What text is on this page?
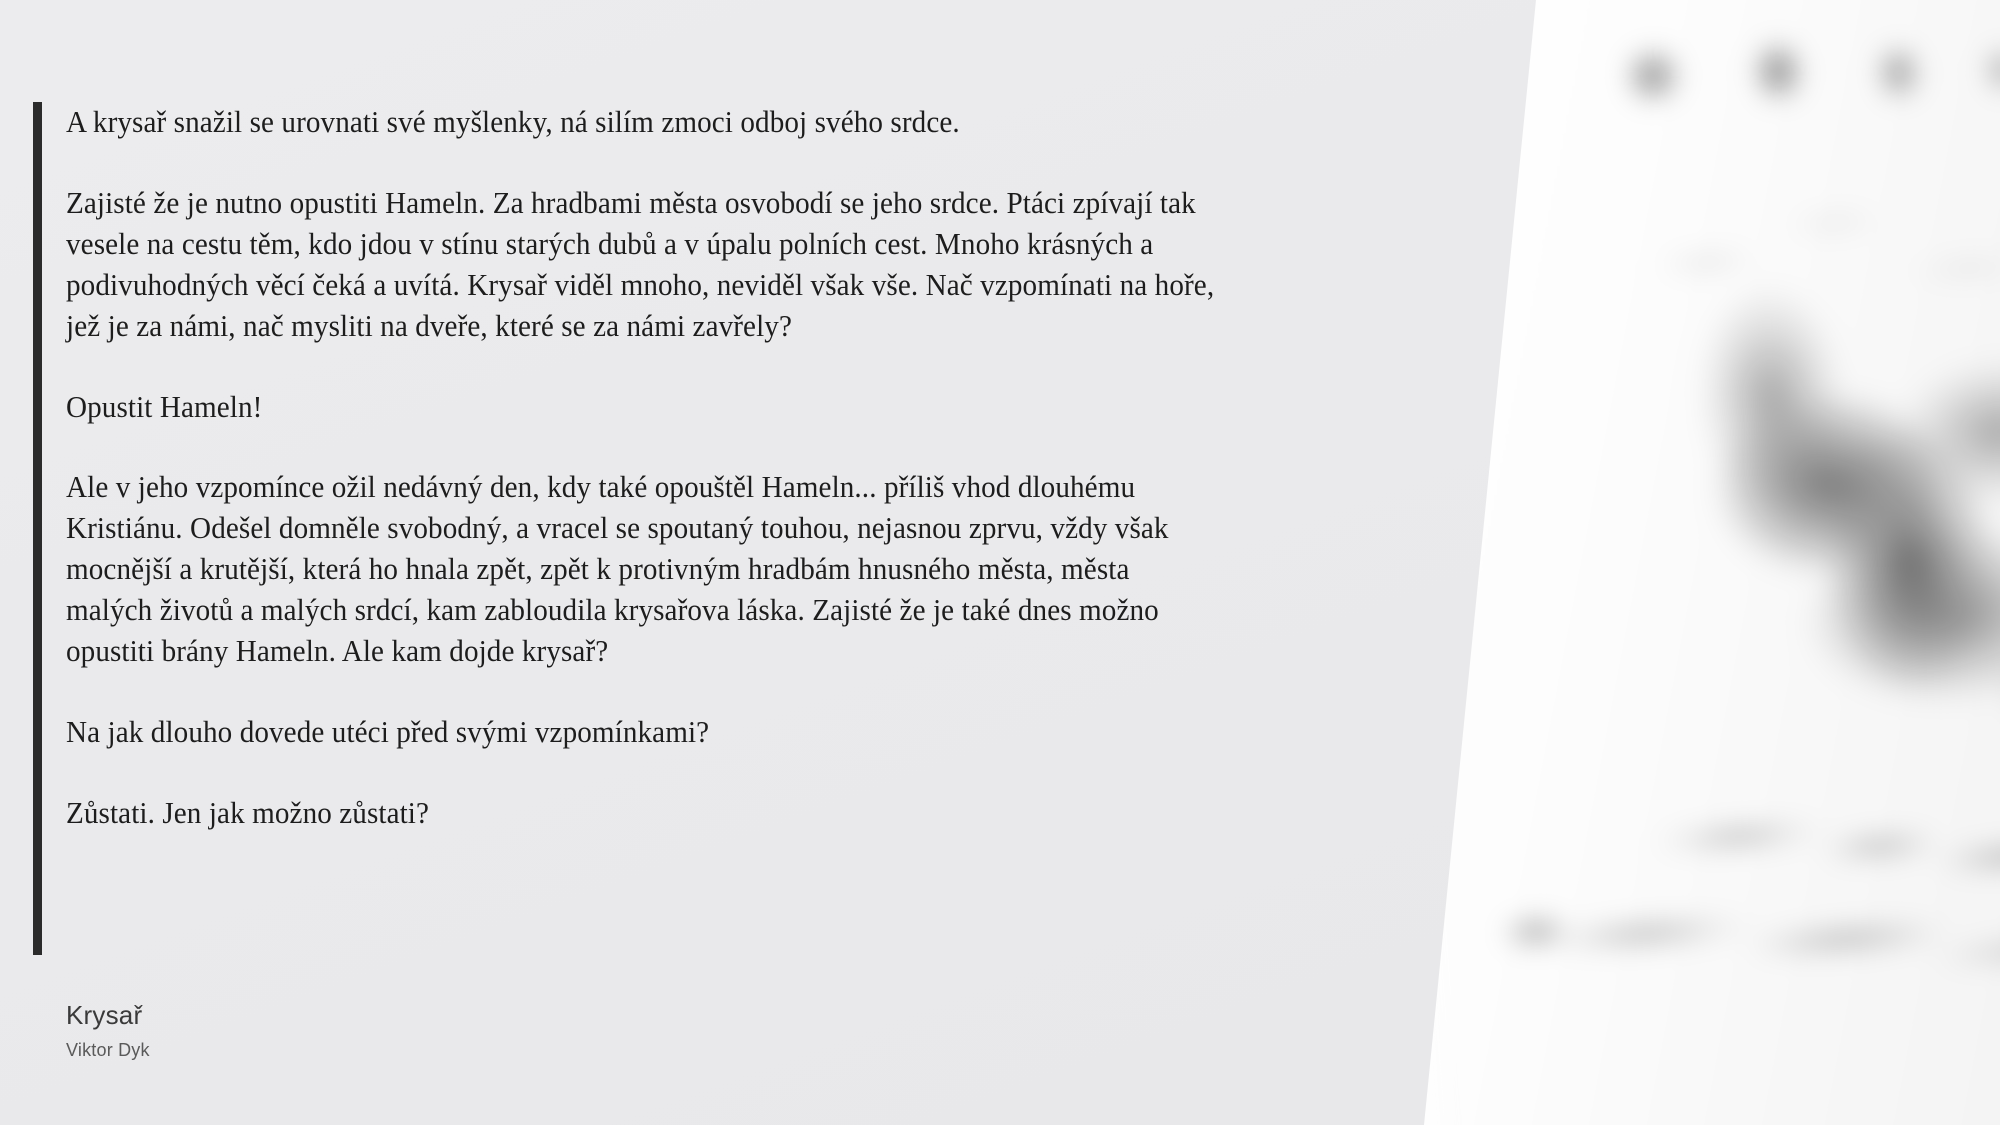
A krysař snažil se urovnati své myšlenky, ná silím zmoci odboj svého srdce.

Zajisté že je nutno opustiti Hameln. Za hradbami města osvobodí se jeho srdce. Ptáci zpívají tak vesele na cestu těm, kdo jdou v stínu starých dubů a v úpalu polních cest. Mnoho krásných a podivuhodných věcí čeká a uvítá. Krysař viděl mnoho, neviděl však vše. Nač vzpomínati na hoře, jež je za námi, nač mysliti na dveře, které se za námi zavřely?

Opustit Hameln!

Ale v jeho vzpomínce ožil nedávný den, kdy také opouštěl Hameln... příliš vhod dlouhému Kristiánu. Odešel domněle svobodný, a vracel se spoutaný touhou, nejasnou zprvu, vždy však mocnější a krutější, která ho hnala zpět, zpět k protivným hradbám hnusného města, města malých životů a malých srdcí, kam zabloudila krysařova láska. Zajisté že je také dnes možno opustiti brány Hameln. Ale kam dojde krysař?

Na jak dlouho dovede utéci před svými vzpomínkami?

Zůstati. Jen jak možno zůstati?

Krysař
Viktor Dyk
